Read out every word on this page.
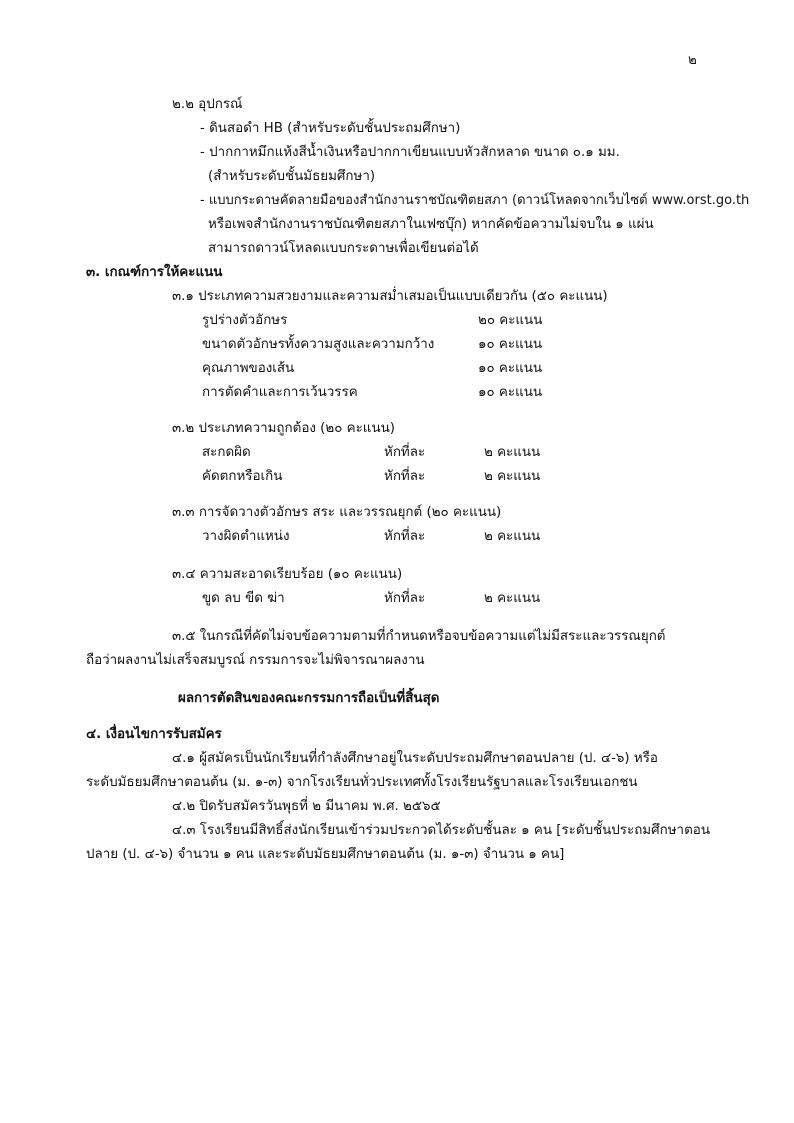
๒
๒.๒ อุปกรณ์
- ดินสอดำ HB (สำหรับระดับชั้นประถมศึกษา)
- ปากกาหมึกแห้งสีน้ำเงินหรือปากกาเขียนแบบหัวสักหลาด ขนาด ๐.๑ มม.
(สำหรับระดับชั้นมัธยมศึกษา)
- แบบกระดาษคัดลายมือของสำนักงานราชบัณฑิตยสภา (ดาวน์โหลดจากเว็บไซต์ www.orst.go.th
หรือเพจสำนักงานราชบัณฑิตยสภาในเฟซบุ๊ก) หากคัดข้อความไม่จบใน ๑ แผ่น
สามารถดาวน์โหลดแบบกระดาษเพื่อเขียนต่อได้
๓. เกณฑ์การให้คะแนน
๓.๑ ประเภทความสวยงามและความสม่ำเสมอเป็นแบบเดียวกัน (๕๐ คะแนน)
รูปร่างตัวอักษร	๒๐ คะแนน
ขนาดตัวอักษรทั้งความสูงและความกว้าง	๑๐ คะแนน
คุณภาพของเส้น	๑๐ คะแนน
การตัดคำและการเว้นวรรค	๑๐ คะแนน
๓.๒ ประเภทความถูกต้อง (๒๐ คะแนน)
สะกดผิด	หักที่ละ	๒ คะแนน
คัดตกหรือเกิน	หักที่ละ	๒ คะแนน
๓.๓ การจัดวางตัวอักษร สระ และวรรณยุกต์ (๒๐ คะแนน)
วางผิดตำแหน่ง	หักที่ละ	๒ คะแนน
๓.๔ ความสะอาดเรียบร้อย (๑๐ คะแนน)
ขูด ลบ ขีด ฆ่า	หักที่ละ	๒ คะแนน
๓.๕ ในกรณีที่คัดไม่จบข้อความตามที่กำหนดหรือจบข้อความแต่ไม่มีสระและวรรณยุกต์
ถือว่าผลงานไม่เสร็จสมบูรณ์ กรรมการจะไม่พิจารณาผลงาน
ผลการตัดสินของคณะกรรมการถือเป็นที่สิ้นสุด
๔. เงื่อนไขการรับสมัคร
๔.๑ ผู้สมัครเป็นนักเรียนที่กำลังศึกษาอยู่ในระดับประถมศึกษาตอนปลาย (ป. ๔-๖) หรือ
ระดับมัธยมศึกษาตอนต้น (ม. ๑-๓) จากโรงเรียนทั่วประเทศทั้งโรงเรียนรัฐบาลและโรงเรียนเอกชน
๔.๒ ปิดรับสมัครวันพุธที่ ๒ มีนาคม พ.ศ. ๒๕๖๕
๔.๓ โรงเรียนมีสิทธิ์ส่งนักเรียนเข้าร่วมประกวดได้ระดับชั้นละ ๑ คน [ระดับชั้นประถมศึกษาตอน
ปลาย (ป. ๔-๖) จำนวน ๑ คน และระดับมัธยมศึกษาตอนต้น (ม. ๑-๓) จำนวน ๑ คน]
